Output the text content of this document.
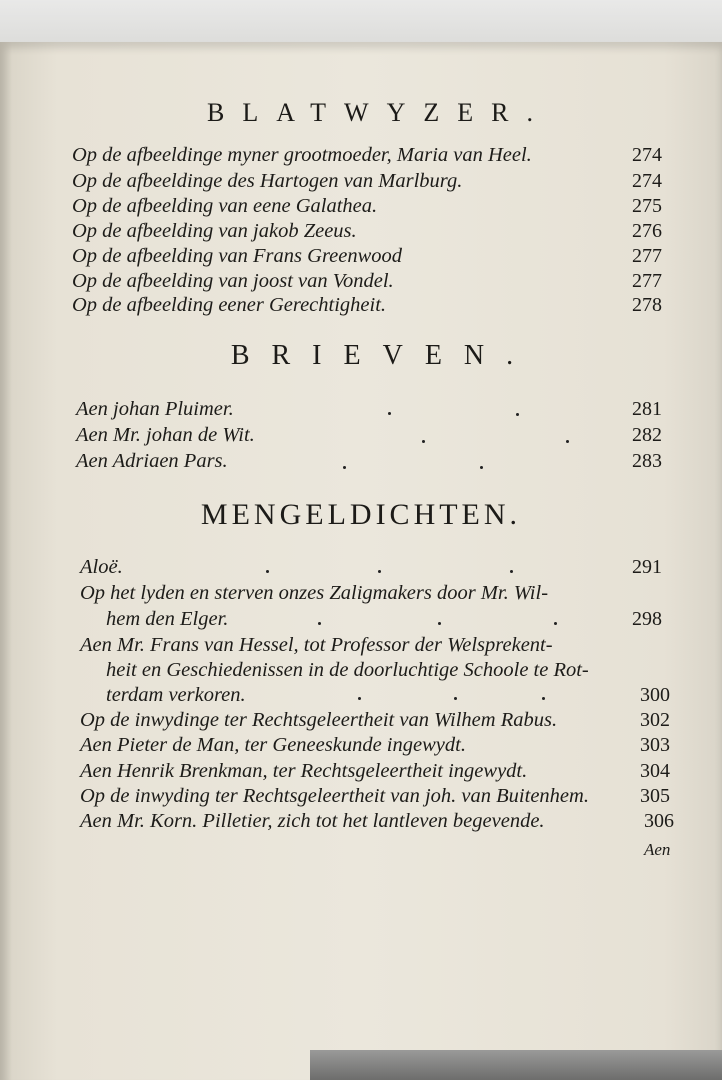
BLATWYZER.
Op de afbeeldinge myner grootmoeder, Maria van Heel.	274
Op de afbeeldinge des Hartogen van Marlburg.	274
Op de afbeelding van eene Galathea.	275
Op de afbeelding van jakob Zeeus.	276
Op de afbeelding van Frans Greenwood	277
Op de afbeelding van joost van Vondel.	277
Op de afbeelding eener Gerechtigheit.	278
BRIEVEN.
Aen johan Pluimer.	281
Aen Mr. johan de Wit.	282
Aen Adriaen Pars.	283
MENGELDICHTEN.
Aloë.	291
Op het lyden en sterven onzes Zaligmakers door Mr. Wil-
hem den Elger.	298
Aen Mr. Frans van Hessel, tot Professor der Welsprekent-
heit en Geschiedenissen in de doorluchtige Schoole te Rot-
terdam verkoren.	300
Op de inwydinge ter Rechtsgeleertheit van Wilhem Rabus.	302
Aen Pieter de Man, ter Geneeskunde ingewydt.	303
Aen Henrik Brenkman, ter Rechtsgeleertheit ingewydt.	304
Op de inwyding ter Rechtsgeleertheit van joh. van Buitenhem.	305
Aen Mr. Korn. Pilletier, zich tot het lantleven begevende.	306
Aen
